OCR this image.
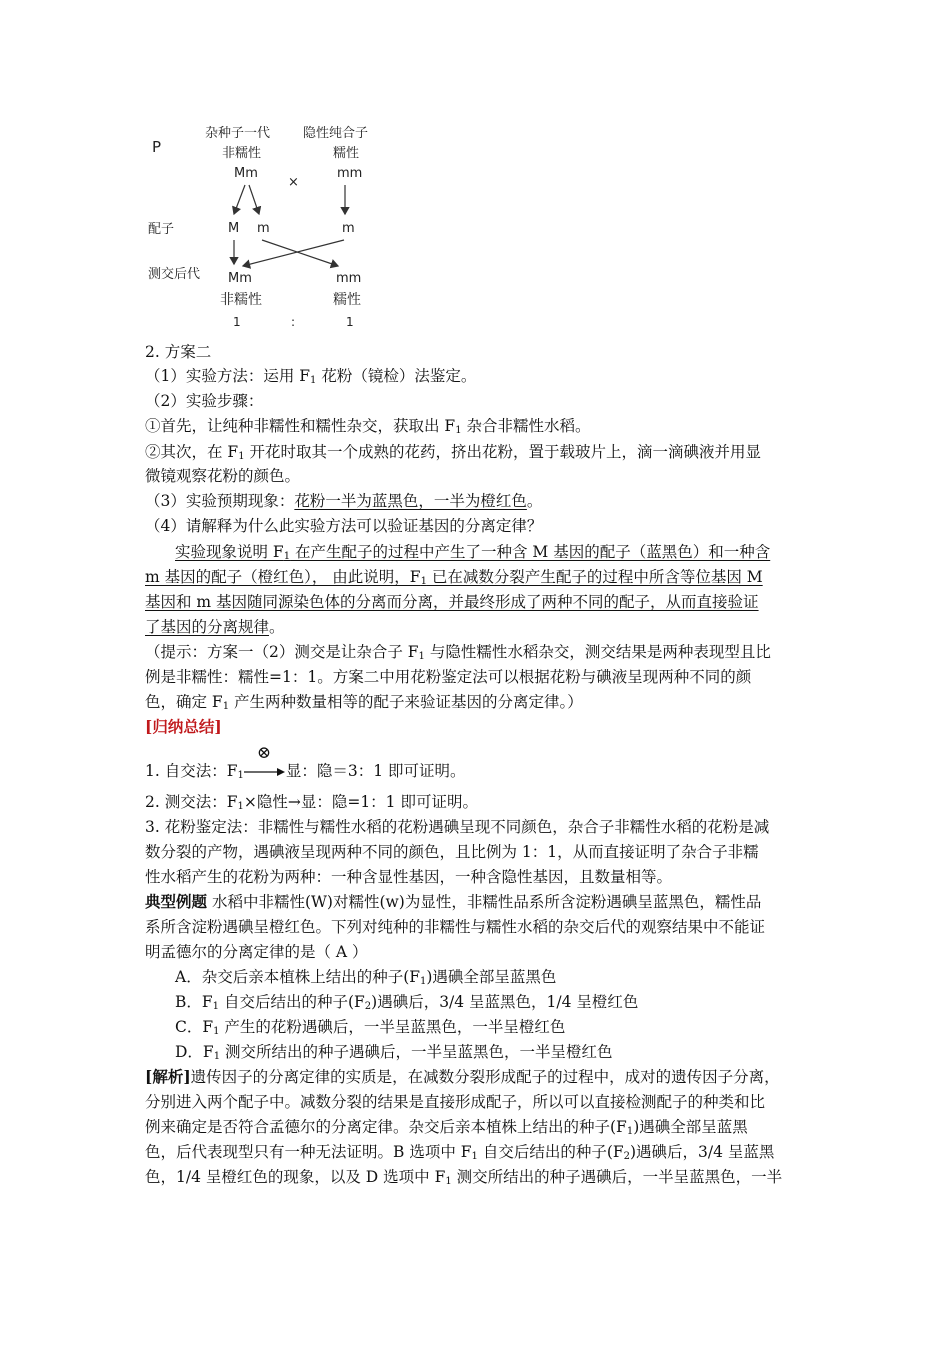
P
配子
测交后代
杂种子一代
非糯性
Mm
隐性纯合子
糯性
mm
×
M m	m
Mm	mm
非糯性	糯性
1	:	1
2. 方案二
（1）实验方法：运用 $F_1$ 花粉（镜检）法鉴定。
（2）实验步骤：
①首先，让纯种非糯性和糯性杂交，获取出 $F_1$ 杂合非糯性水稻。
②其次，在 $F_1$ 开花时取其一个成熟的花药，挤出花粉，置于载玻片上，滴一滴碘液并用显
微镜观察花粉的颜色。
（3）实验预期现象：花粉一半为蓝黑色，一半为橙红色。
（4）请解释为什么此实验方法可以验证基因的分离定律？
实验现象说明 $F_1$ 在产生配子的过程中产生了一种含 M 基因的配子（蓝黑色）和一种含
m 基因的配子（橙红色）， 由此说明，$F_1$ 已在减数分裂产生配子的过程中所含等位基因 M
基因和 m 基因随同源染色体的分离而分离，并最终形成了两种不同的配子，从而直接验证
了基因的分离规律。
（提示：方案一（2）测交是让杂合子 $F_1$ 与隐性糯性水稻杂交，测交结果是两种表现型且比
例是非糯性：糯性=1：1。方案二中用花粉鉴定法可以根据花粉与碘液呈现两种不同的颜
色，确定 $F_1$ 产生两种数量相等的配子来验证基因的分离定律。）
[归纳总结]
1. 自交法：$F_1$
⊗
显：隐＝3：1 即可证明。
2. 测交法：$F_1\times$隐性→显：隐=1：1 即可证明。
3. 花粉鉴定法：非糯性与糯性水稻的花粉遇碘呈现不同颜色，杂合子非糯性水稻的花粉是减
数分裂的产物，遇碘液呈现两种不同的颜色，且比例为 1：1，从而直接证明了杂合子非糯
性水稻产生的花粉为两种：一种含显性基因，一种含隐性基因，且数量相等。
典型例题 水稻中非糯性(W)对糯性(w)为显性，非糯性品系所含淀粉遇碘呈蓝黑色，糯性品
系所含淀粉遇碘呈橙红色。下列对纯种的非糯性与糯性水稻的杂交后代的观察结果中不能证
明孟德尔的分离定律的是（ A ）
A．杂交后亲本植株上结出的种子$(F_1)$遇碘全部呈蓝黑色
B．$F_1$ 自交后结出的种子$(F_2)$遇碘后，3/4 呈蓝黑色，1/4 呈橙红色
C．$F_1$ 产生的花粉遇碘后，一半呈蓝黑色，一半呈橙红色
D．$F_1$ 测交所结出的种子遇碘后，一半呈蓝黑色，一半呈橙红色
[解析]遗传因子的分离定律的实质是，在减数分裂形成配子的过程中，成对的遗传因子分离，
分别进入两个配子中。减数分裂的结果是直接形成配子，所以可以直接检测配子的种类和比
例来确定是否符合孟德尔的分离定律。杂交后亲本植株上结出的种子$(F_1)$遇碘全部呈蓝黑
色，后代表现型只有一种无法证明。B 选项中 $F_1$ 自交后结出的种子$(F_2)$遇碘后，3/4 呈蓝黑
色，1/4 呈橙红色的现象，以及 D 选项中 $F_1$ 测交所结出的种子遇碘后，一半呈蓝黑色，一半
